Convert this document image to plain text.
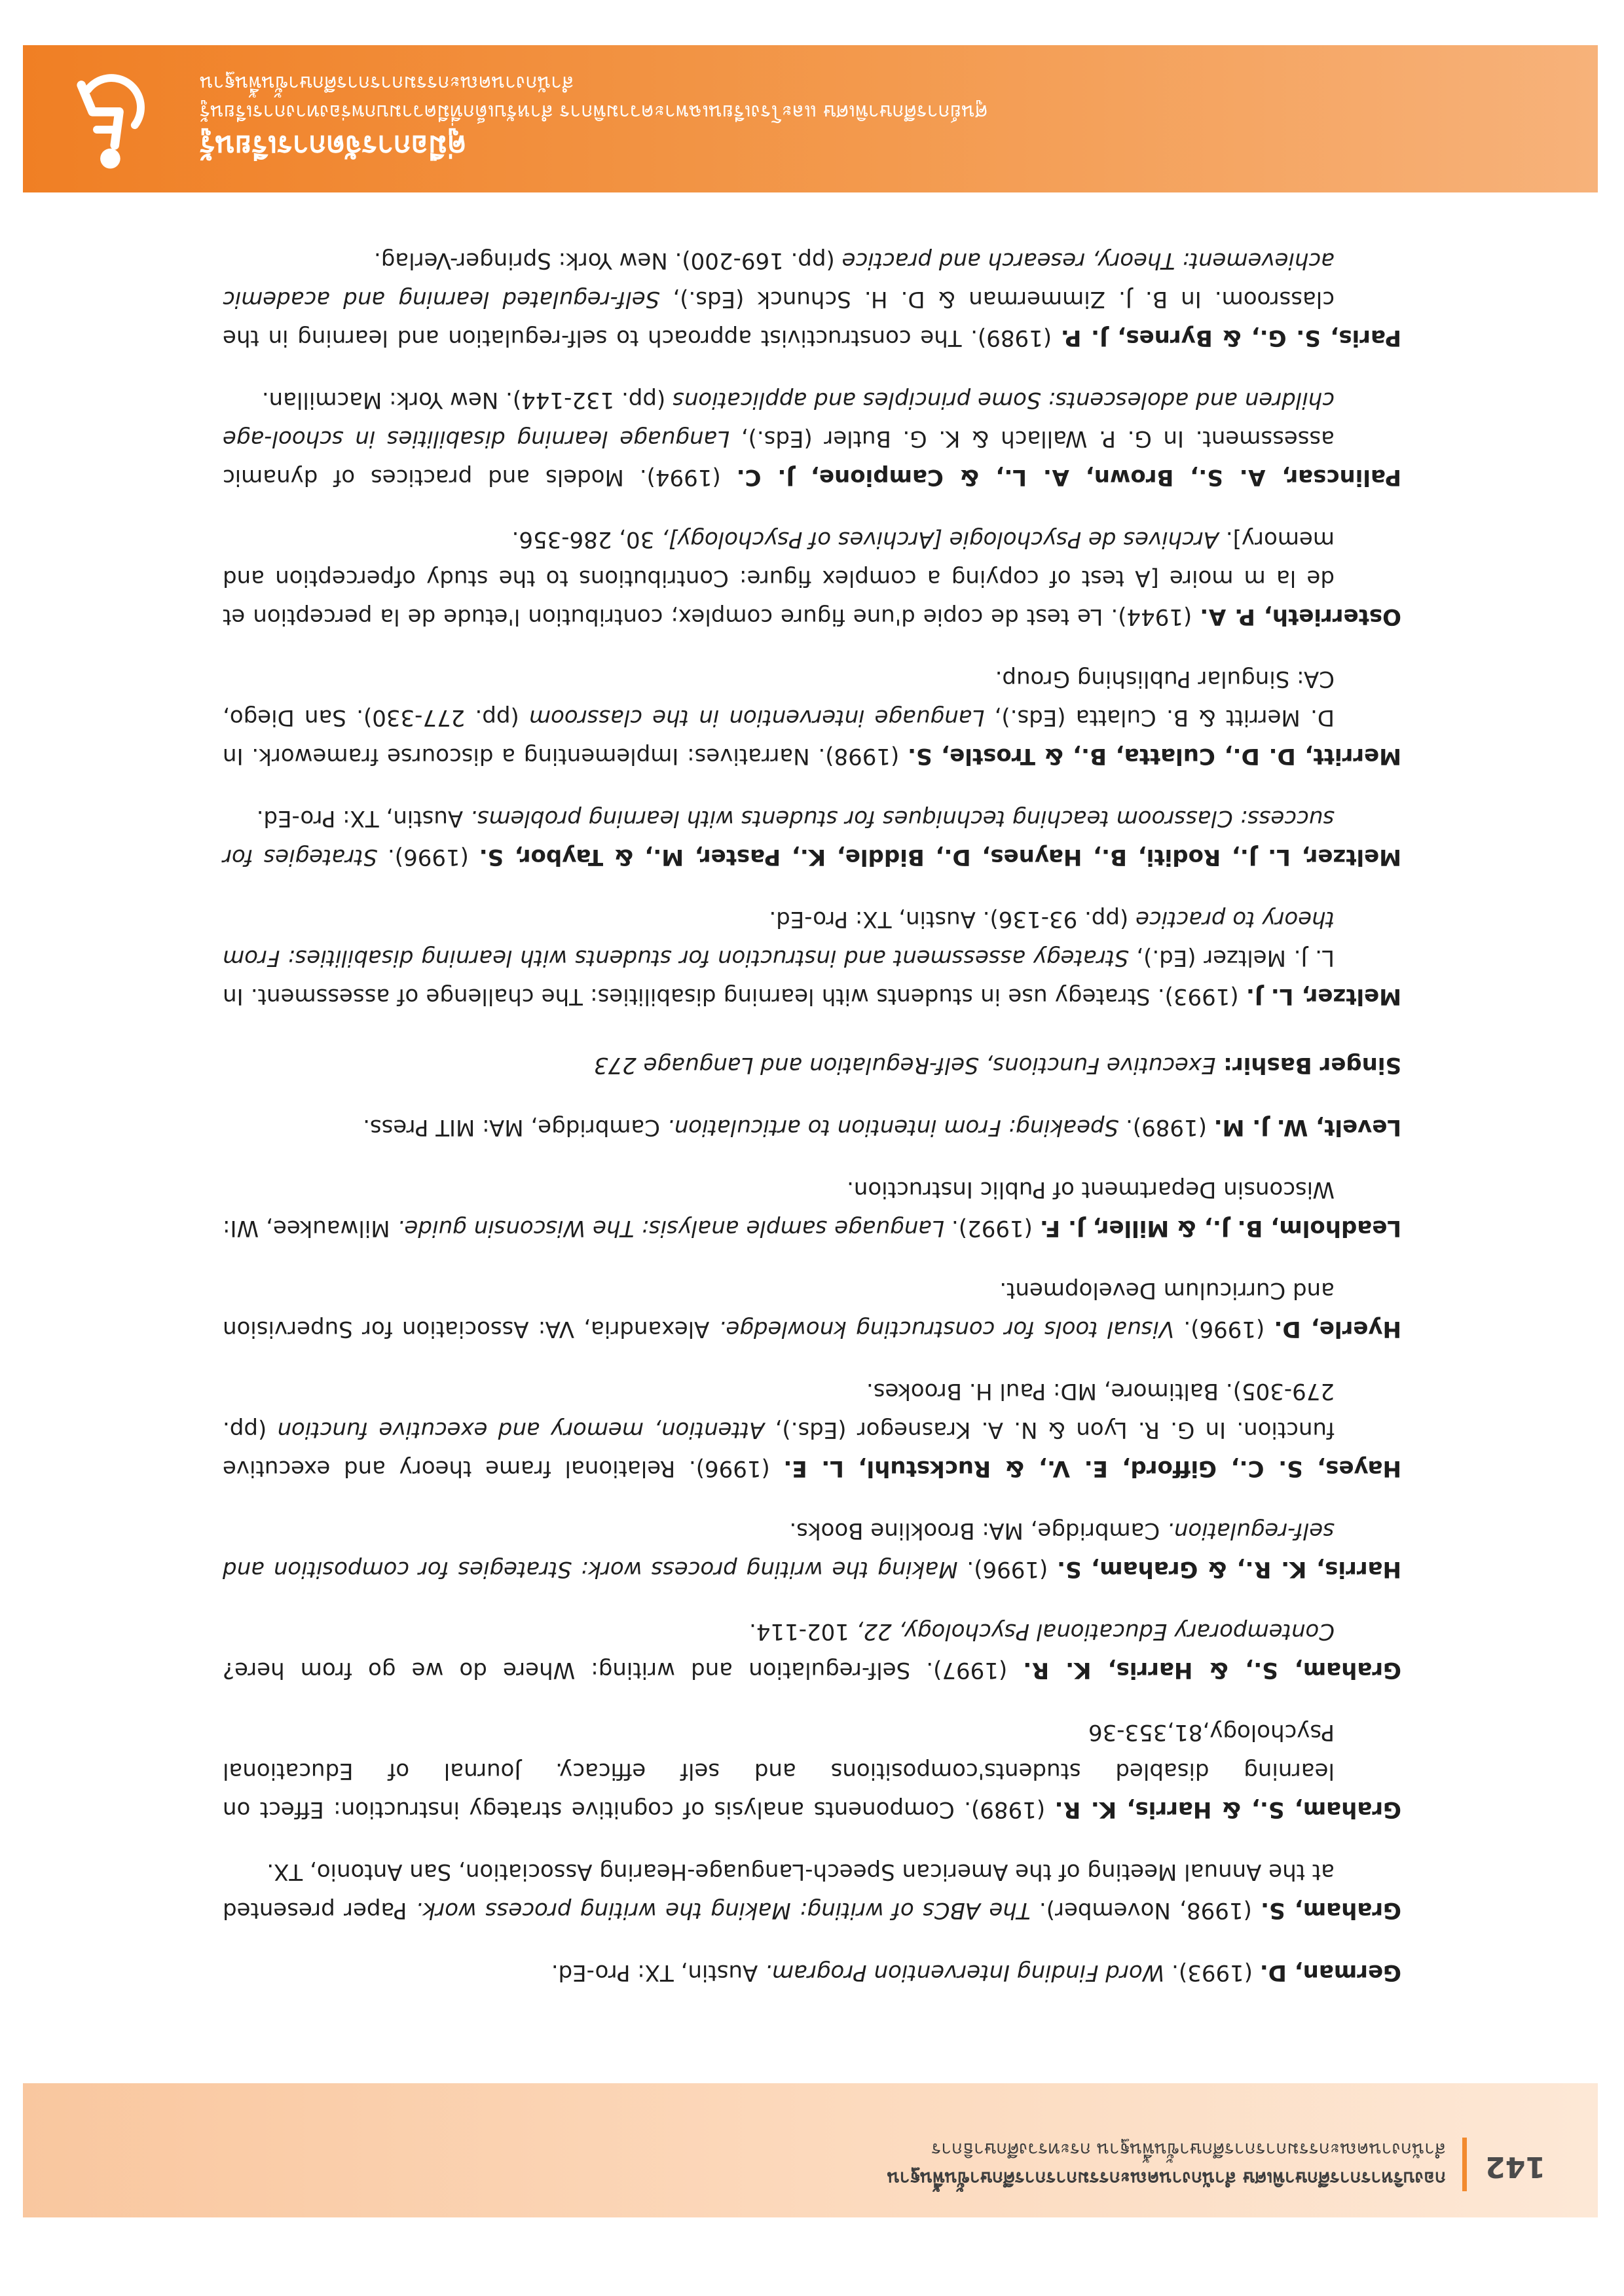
142
กองบริหารการศึกษาพิเศษ สำนักงานคณะกรรมการการศึกษาขั้นพื้นฐาน
สำนักงานคณะกรรมการการศึกษาขั้นพื้นฐาน กระทรวงศึกษาธิการ
German, D. (1993). Word Finding Intervention Program. Austin, TX: Pro-Ed.
Graham, S. (1998, November). The ABCs of writing: Making the writing process work. Paper presented at the Annual Meeting of the American Speech-Language-Hearing Association, San Antonio, TX.
Graham, S., & Harris, K. R. (1989). Components analysis of cognitive strategy instruction: Effect on learning disabled students'compositions and self efficacy. Journal of Educational Psychology,81,353-36
Graham, S., & Harris, K. R. (1997). Self-regulation and writing: Where do we go from here? Contemporary Educational Psychology, 22, 102-114.
Harris, K. R., & Graham, S. (1996). Making the writing process work: Strategies for composition and self-regulation. Cambridge, MA: Brookline Books.
Hayes, S. C., Gifford, E. V., & Ruckstuhl, L. E. (1996). Relational frame theory and executive function. In G. R. Lyon & N. A. Krasnegor (Eds.), Attention, memory and executive function (pp. 279-305). Baltimore, MD: Paul H. Brookes.
Hyerle, D. (1996). Visual tools for constructing knowledge. Alexandria, VA: Association for Supervision and Curriculum Development.
Leadholm, B. J., & Miller, J. F. (1992). Language sample analysis: The Wisconsin guide. Milwaukee, WI: Wisconsin Department of Public Instruction.
Levelt, W. J. M. (1989). Speaking: From intention to articulation. Cambridge, MA: MIT Press.
Singer Bashir: Executive Functions, Self-Regulation and Language 273
Meltzer, L. J. (1993). Strategy use in students with learning disabilities: The challenge of assessment. In L. J. Meltzer (Ed.), Strategy assessment and instruction for students with learning disabilities: From theory to practice (pp. 93-136). Austin, TX: Pro-Ed.
Meltzer, L. J., Roditi, B., Haynes, D., Biddle, K., Paster, M., & Taybor, S. (1996). Strategies for success: Classroom teaching techniques for students with learning problems. Austin, TX: Pro-Ed.
Merritt, D. D., Culatta, B., & Trostle, S. (1998). Narratives: Implementing a discourse framework. In D. Merritt & B. Culatta (Eds.), Language intervention in the classroom (pp. 277-330). San Diego, CA: Singular Publishing Group.
Osterrieth, P. A. (1944). Le test de copie d'une figure complex; contribution l'etude de la perception et de la m moire [A test of copying a complex figure: Contributions to the study ofperception and memory]. Archives de Psychologie [Archives of Psychology], 30, 286-356.
Palincsar, A. S., Brown, A. L., & Campione, J. C. (1994). Models and practices of dynamic assessment. In G. P. Wallach & K. G. Butler (Eds.), Language learning disabilities in school-age children and adolescents: Some principles and applications (pp. 132-144). New York: Macmillan.
Paris, S. G., & Byrnes, J. P. (1989). The constructivist approach to self-regulation and learning in the classroom. In B. J. Zimmerman & D. H. Schunck (Eds.), Self-regulated learning and academic achievement: Theory, research and practice (pp. 169-200). New York: Springer-Verlag.
คู่มือการจัดการเรียนรู้
ศูนย์การศึกษาพิเศษ และโรงเรียนเฉพาะความพิการ สำหรับเด็กที่มีความบกพร่องทางการเรียนรู้
สำนักงานคณะกรรมการการศึกษาขั้นพื้นฐาน
